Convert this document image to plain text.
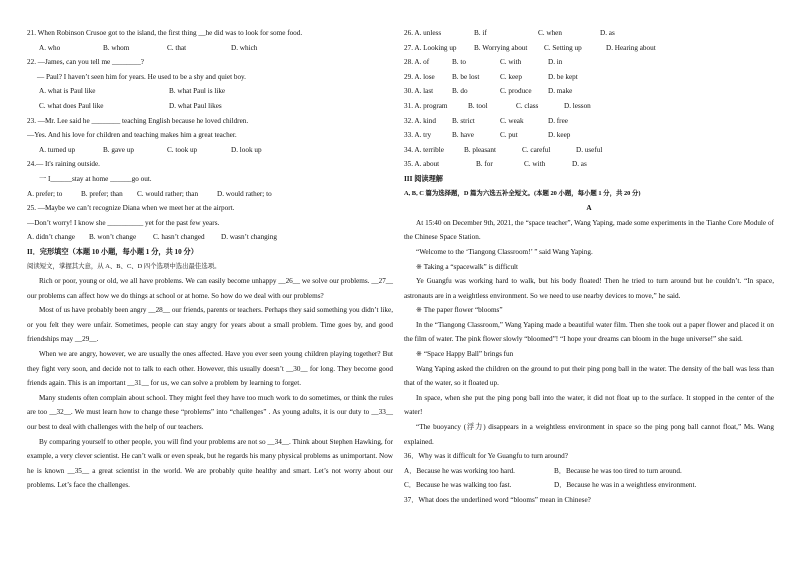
21. When Robinson Crusoe got to the island, the first thing __he did was to look for some food.
A. who	B. whom	C. that	D. which
22. —James, can you tell me ________?
— Paul? I haven’t seen him for years. He used to be a shy and quiet boy.
A. what is Paul like	B. what Paul is like
C. what does Paul like	D. what Paul likes
23. —Mr. Lee said he ________ teaching English because he loved children.
—Yes. And his love for children and teaching makes him a great teacher.
A. turned up	B. gave up	C. took up	D. look up
24.— It's raining outside.
一 I______stay at home ______go out.
A. prefer; to	B. prefer; than	C. would rather; than	D. would rather; to
25. —Maybe we can’t recognize Diana when we meet her at the airport.
—Don’t worry! I know she __________ yet for the past few years.
A. didn’t change	B. won’t change	C. hasn’t changed	D. wasn’t changing
II．完形填空（本题 10 小题，每小题 1 分，共 10 分）
阅读短文，掌握其大意，从 A、B、C、D 四个选项中选出最佳选项。

Rich or poor, young or old, we all have problems. We can easily become unhappy __26__ we solve our problems. __27__ our problems can affect how we do things at school or at home. So how do we deal with our problems?

Most of us have probably been angry __28__ our friends, parents or teachers. Perhaps they said something you didn’t like, or you felt they were unfair. Sometimes, people can stay angry for years about a small problem. Time goes by, and good friendships may __29__.

When we are angry, however, we are usually the ones affected. Have you ever seen young children playing together? But they fight very soon, and decide not to talk to each other. However, this usually doesn’t __30__ for long. They become good friends again. This is an important __31__ for us, we can solve a problem by learning to forget.

Many students often complain about school. They might feel they have too much work to do sometimes, or think the rules are too __32__. We must learn how to change these “problems” into “challenges” . As young adults, it is our duty to __33__ our best to deal with challenges with the help of our teachers.

By comparing yourself to other people, you will find your problems are not so __34__. Think about Stephen Hawking, for example, a very clever scientist. He can’t walk or even speak, but he regards his many physical problems as unimportant. Now he is known __35__ a great scientist in the world. We are probably quite healthy and smart. Let’s not worry about our problems. Let’s face the challenges.

26. A. unless	B. if	C. when	D. as
27. A. Looking up	B. Worrying about	C. Setting up	D. Hearing about
28. A. of	B. to	C. with	D. in
29. A. lose	B. be lost	C. keep	D. be kept
30. A. last	B. do	C. produce	D. make
31. A. program	B. tool	C. class	D. lesson
32. A. kind	B. strict	C. weak	D. free
33. A. try	B. have	C. put	D. keep
34. A. terrible	B. pleasant	C. careful	D. useful
35. A. about	B. for	C. with	D. as
III 阅读理解
A, B, C 篇为选择题，D 篇为六选五补全短文。(本题 20 小题，每小题 1 分，共 20 分)
A

At 15:40 on December 9th, 2021, the “space teacher”, Wang Yaping, made some experiments in the Tianhe Core Module of the Chinese Space Station.

“Welcome to the ‘Tiangong Classroom!’ ” said Wang Yaping.

※ Taking a “spacewalk” is difficult

Ye Guangfu was working hard to walk, but his body floated! Then he tried to turn around but he couldn’t. “In space, astronauts are in a weightless environment. So we need to use nearby devices to move,” he said.

※ The paper flower “blooms”

In the “Tiangong Classroom,” Wang Yaping made a beautiful water film. Then she took out a paper flower and placed it on the film of water. The pink flower slowly “bloomed”! “I hope your dreams can bloom in the huge universe!” she said.

※ “Space Happy Ball” brings fun

Wang Yaping asked the children on the ground to put their ping pong ball in the water. The density of the ball was less than that of the water, so it floated up.

In space, when she put the ping pong ball into the water, it did not float up to the surface. It stopped in the center of the water!

“The buoyancy (浮力) disappears in a weightless environment in space so the ping pong ball cannot float,” Ms. Wang explained.

36．Why was it difficult for Ye Guangfu to turn around?
A．Because he was working too hard.	B．Because he was too tired to turn around.
C．Because he was walking too fast.	D．Because he was in a weightless environment.
37．What does the underlined word “blooms” mean in Chinese?
